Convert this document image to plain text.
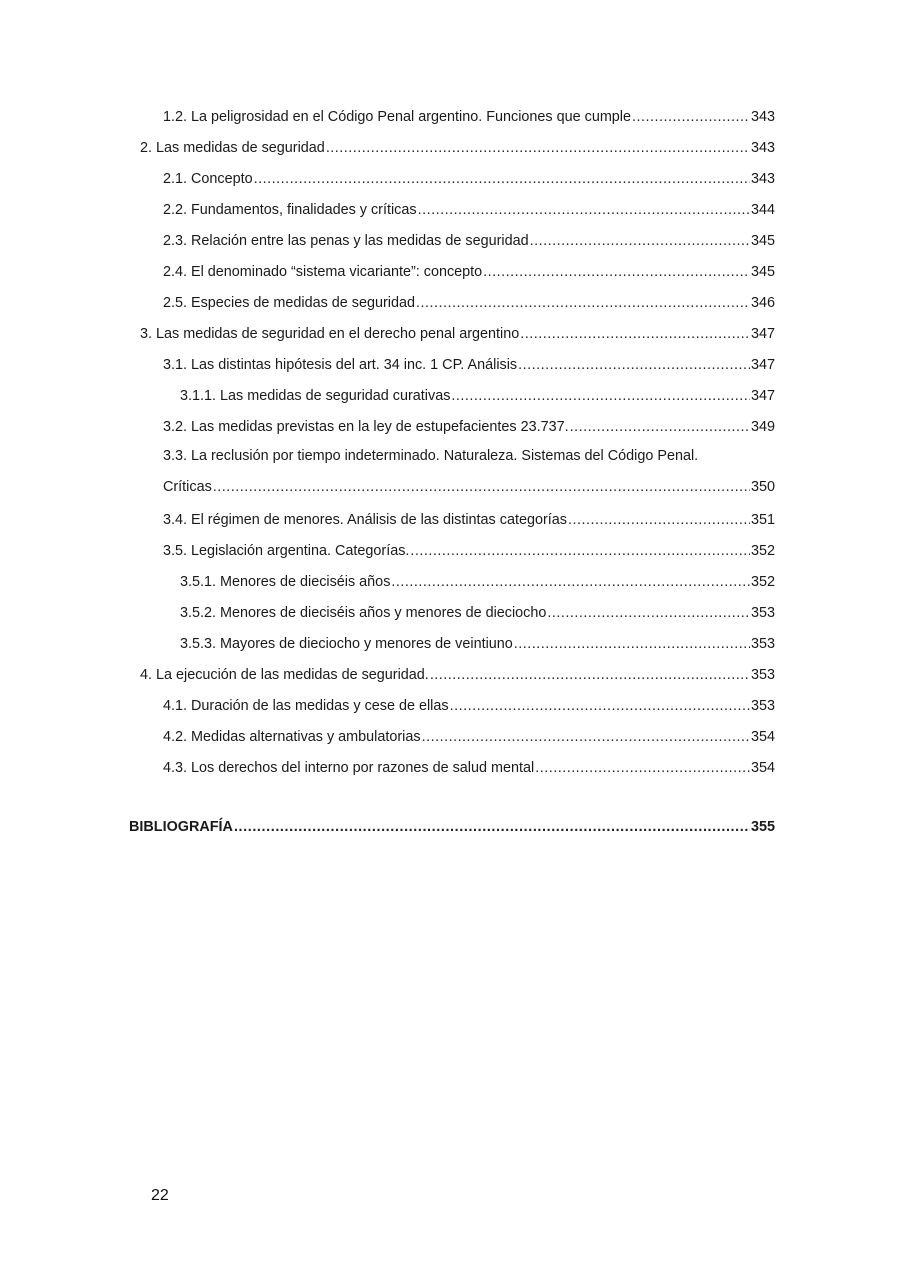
1.2. La peligrosidad en el Código Penal argentino. Funciones que cumple .....	343
2. Las medidas de seguridad .....	343
2.1. Concepto .....	343
2.2. Fundamentos, finalidades y críticas .....	344
2.3. Relación entre las penas y las medidas de seguridad .....	345
2.4. El denominado “sistema vicariante”: concepto .....	345
2.5. Especies de medidas de seguridad .....	346
3. Las medidas de seguridad en el derecho penal argentino .....	347
3.1. Las distintas hipótesis del art. 34 inc. 1 CP. Análisis .....	347
3.1.1. Las medidas de seguridad curativas .....	347
3.2. Las medidas previstas en la ley de estupefacientes 23.737. .....	349
3.3. La reclusión por tiempo indeterminado. Naturaleza. Sistemas del Código Penal.
Críticas .....	350
3.4. El régimen de menores. Análisis de las distintas categorías .....	351
3.5. Legislación argentina. Categorías. .....	352
3.5.1. Menores de dieciséis años .....	352
3.5.2. Menores de dieciséis años y menores de dieciocho .....	353
3.5.3. Mayores de dieciocho y menores de veintiuno .....	353
4. La ejecución de las medidas de seguridad. .....	353
4.1. Duración de las medidas y cese de ellas .....	353
4.2. Medidas alternativas y ambulatorias .....	354
4.3. Los derechos del interno por razones de salud mental .....	354
BIBLIOGRAFÍA .....	355
22
